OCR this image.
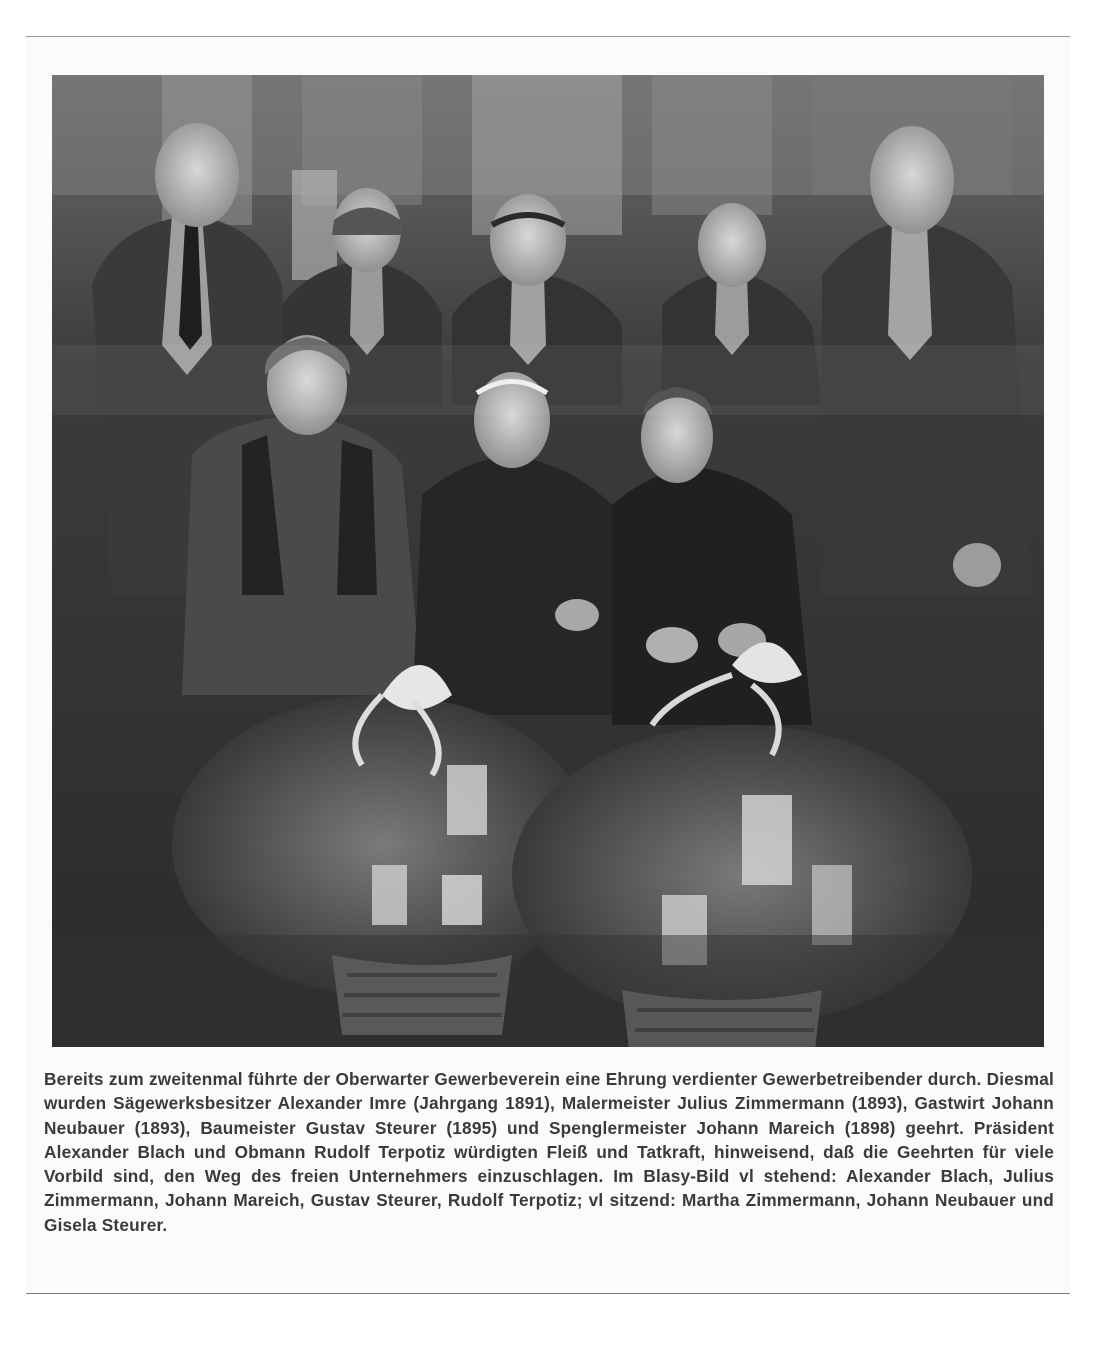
Bereits zum zweitenmal führte der Oberwarter Gewerbeverein eine Ehrung verdienter Gewerbetreibender durch. Diesmal wurden Sägewerksbesitzer Alexander Imre (Jahrgang 1891), Malermeister Julius Zimmermann (1893), Gastwirt Johann Neubauer (1893), Baumeister Gustav Steurer (1895) und Spenglermeister Johann Mareich (1898) geehrt. Präsident Alexander Blach und Obmann Rudolf Terpotiz würdigten Fleiß und Tatkraft, hinweisend, daß die Geehrten für viele Vorbild sind, den Weg des freien Unternehmers einzuschlagen. Im Blasy-Bild vl stehend: Alexander Blach, Julius Zimmermann, Johann Mareich, Gustav Steurer, Rudolf Terpotiz; vl sitzend: Martha Zimmermann, Johann Neubauer und Gisela Steurer.
